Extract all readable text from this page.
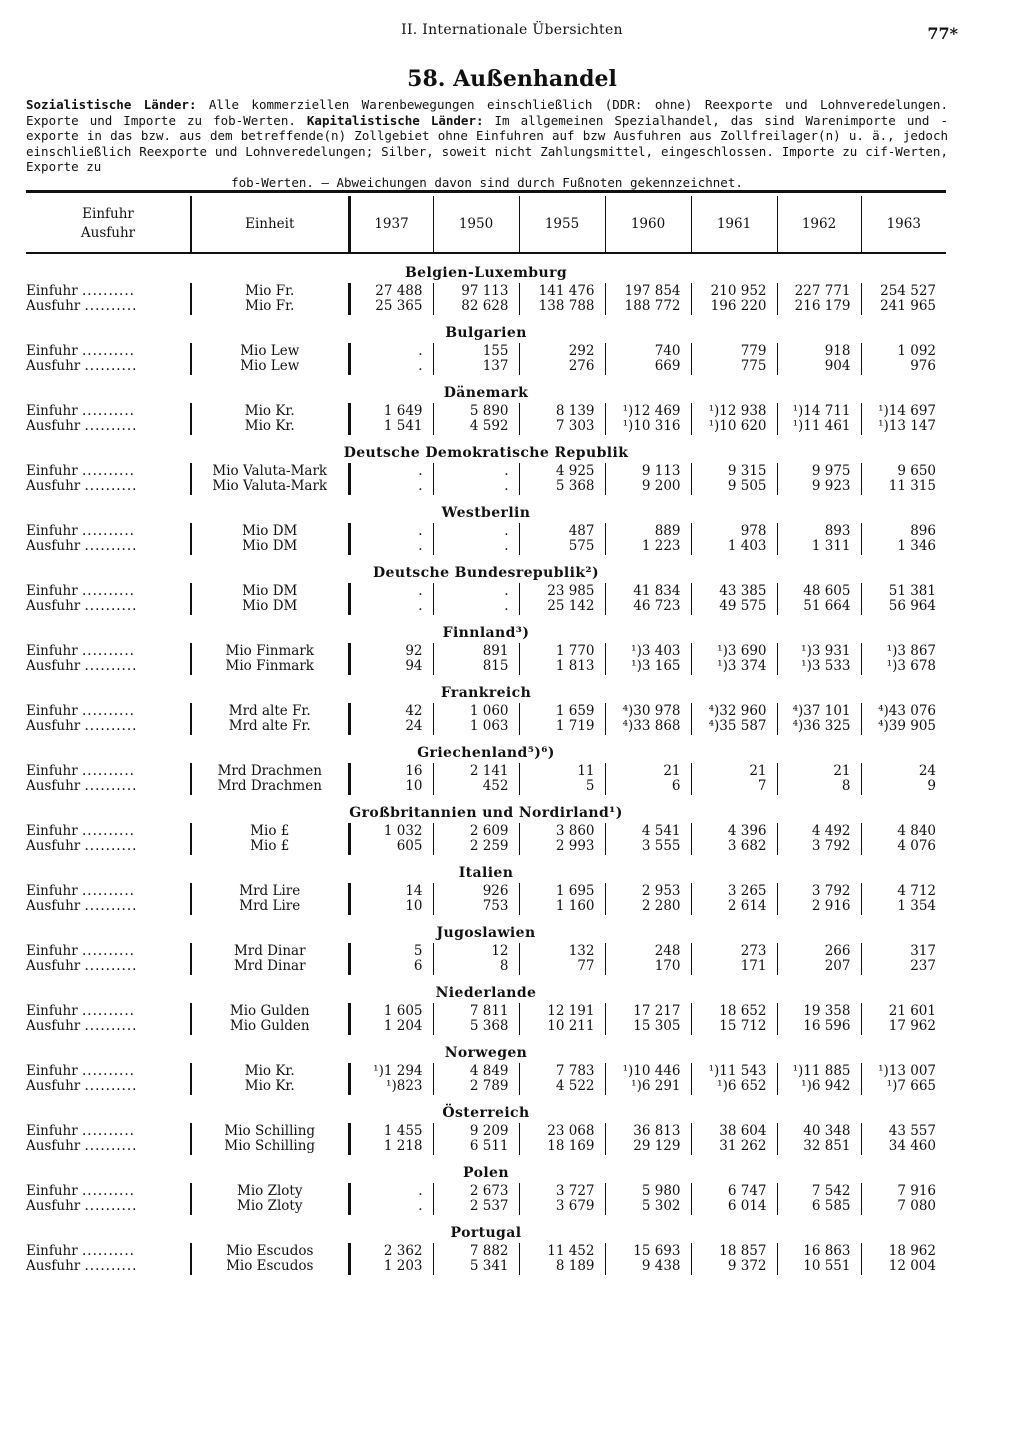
II. Internationale Übersichten	77*
58. Außenhandel
Sozialistische Länder: Alle kommerziellen Warenbewegungen einschließlich (DDR: ohne) Reexporte und Lohnveredelungen. Exporte und Importe zu fob-Werten. Kapitalistische Länder: Im allgemeinen Spezialhandel, das sind Warenimporte und -exporte in das bzw. aus dem betreffende(n) Zollgebiet ohne Einfuhren auf bzw Ausfuhren aus Zollfreilager(n) u. ä., jedoch einschließlich Reexporte und Lohnveredelungen; Silber, soweit nicht Zahlungsmittel, eingeschlossen. Importe zu cif-Werten, Exporte zu
fob-Werten. — Abweichungen davon sind durch Fußnoten gekennzeichnet.
Einfuhr
Ausfuhr	Einheit	1937	1950	1955	1960	1961	1962	1963
Belgien-Luxemburg								
Einfuhr ..........	Mio Fr.	27 488	97 113	141 476	197 854	210 952	227 771	254 527
Ausfuhr ..........	Mio Fr.	25 365	82 628	138 788	188 772	196 220	216 179	241 965
Bulgarien								
Einfuhr ..........	Mio Lew	.	155	292	740	779	918	1 092
Ausfuhr ..........	Mio Lew	.	137	276	669	775	904	976
Dänemark								
Einfuhr ..........	Mio Kr.	1 649	5 890	8 139	¹)12 469	¹)12 938	¹)14 711	¹)14 697
Ausfuhr ..........	Mio Kr.	1 541	4 592	7 303	¹)10 316	¹)10 620	¹)11 461	¹)13 147
Deutsche Demokratische Republik								
Einfuhr ..........	Mio Valuta-Mark	.	.	4 925	9 113	9 315	9 975	9 650
Ausfuhr ..........	Mio Valuta-Mark	.	.	5 368	9 200	9 505	9 923	11 315
Westberlin								
Einfuhr ..........	Mio DM	.	.	487	889	978	893	896
Ausfuhr ..........	Mio DM	.	.	575	1 223	1 403	1 311	1 346
Deutsche Bundesrepublik²)								
Einfuhr ..........	Mio DM	.	.	23 985	41 834	43 385	48 605	51 381
Ausfuhr ..........	Mio DM	.	.	25 142	46 723	49 575	51 664	56 964
Finnland³)								
Einfuhr ..........	Mio Finmark	92	891	1 770	¹)3 403	¹)3 690	¹)3 931	¹)3 867
Ausfuhr ..........	Mio Finmark	94	815	1 813	¹)3 165	¹)3 374	¹)3 533	¹)3 678
Frankreich								
Einfuhr ..........	Mrd alte Fr.	42	1 060	1 659	⁴)30 978	⁴)32 960	⁴)37 101	⁴)43 076
Ausfuhr ..........	Mrd alte Fr.	24	1 063	1 719	⁴)33 868	⁴)35 587	⁴)36 325	⁴)39 905
Griechenland⁵)⁶)								
Einfuhr ..........	Mrd Drachmen	16	2 141	11	21	21	21	24
Ausfuhr ..........	Mrd Drachmen	10	452	5	6	7	8	9
Großbritannien und Nordirland¹)								
Einfuhr ..........	Mio £	1 032	2 609	3 860	4 541	4 396	4 492	4 840
Ausfuhr ..........	Mio £	605	2 259	2 993	3 555	3 682	3 792	4 076
Italien								
Einfuhr ..........	Mrd Lire	14	926	1 695	2 953	3 265	3 792	4 712
Ausfuhr ..........	Mrd Lire	10	753	1 160	2 280	2 614	2 916	1 354
Jugoslawien								
Einfuhr ..........	Mrd Dinar	5	12	132	248	273	266	317
Ausfuhr ..........	Mrd Dinar	6	8	77	170	171	207	237
Niederlande								
Einfuhr ..........	Mio Gulden	1 605	7 811	12 191	17 217	18 652	19 358	21 601
Ausfuhr ..........	Mio Gulden	1 204	5 368	10 211	15 305	15 712	16 596	17 962
Norwegen								
Einfuhr ..........	Mio Kr.	¹)1 294	4 849	7 783	¹)10 446	¹)11 543	¹)11 885	¹)13 007
Ausfuhr ..........	Mio Kr.	¹)823	2 789	4 522	¹)6 291	¹)6 652	¹)6 942	¹)7 665
Österreich								
Einfuhr ..........	Mio Schilling	1 455	9 209	23 068	36 813	38 604	40 348	43 557
Ausfuhr ..........	Mio Schilling	1 218	6 511	18 169	29 129	31 262	32 851	34 460
Polen								
Einfuhr ..........	Mio Zloty	.	2 673	3 727	5 980	6 747	7 542	7 916
Ausfuhr ..........	Mio Zloty	.	2 537	3 679	5 302	6 014	6 585	7 080
Portugal								
Einfuhr ..........	Mio Escudos	2 362	7 882	11 452	15 693	18 857	16 863	18 962
Ausfuhr ..........	Mio Escudos	1 203	5 341	8 189	9 438	9 372	10 551	12 004
